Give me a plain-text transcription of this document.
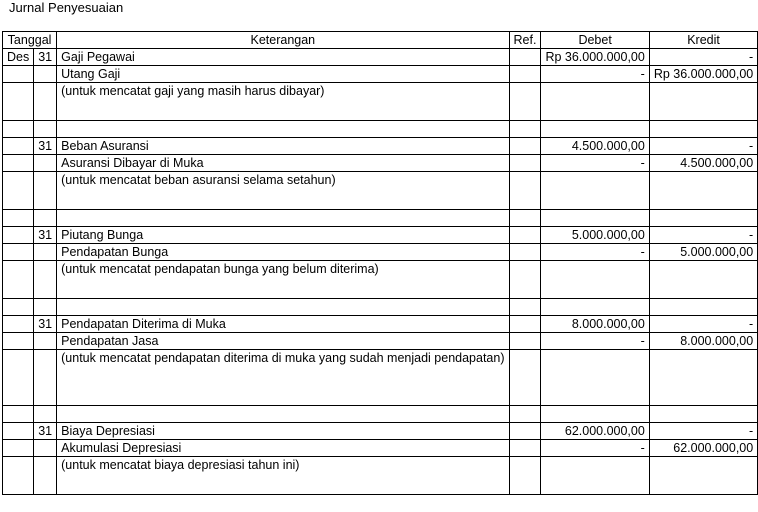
Jurnal Penyesuaian
Tanggal		Keterangan	Ref.	Debet	Kredit
Des	31	Gaji Pegawai		Rp 36.000.000,00	-
		Utang Gaji		-	Rp 36.000.000,00
		(untuk mencatat gaji yang masih harus dibayar)			

	31	Beban Asuransi		4.500.000,00	-
		Asuransi Dibayar di Muka		-	4.500.000,00
		(untuk mencatat beban asuransi selama setahun)			

	31	Piutang Bunga		5.000.000,00	-
		Pendapatan Bunga		-	5.000.000,00
		(untuk mencatat pendapatan bunga yang belum diterima)			

	31	Pendapatan Diterima di Muka		8.000.000,00	-
		Pendapatan Jasa		-	8.000.000,00
		(untuk mencatat pendapatan diterima di muka yang sudah menjadi pendapatan)			

	31	Biaya Depresiasi		62.000.000,00	-
		Akumulasi Depresiasi		-	62.000.000,00
		(untuk mencatat biaya depresiasi tahun ini)			
